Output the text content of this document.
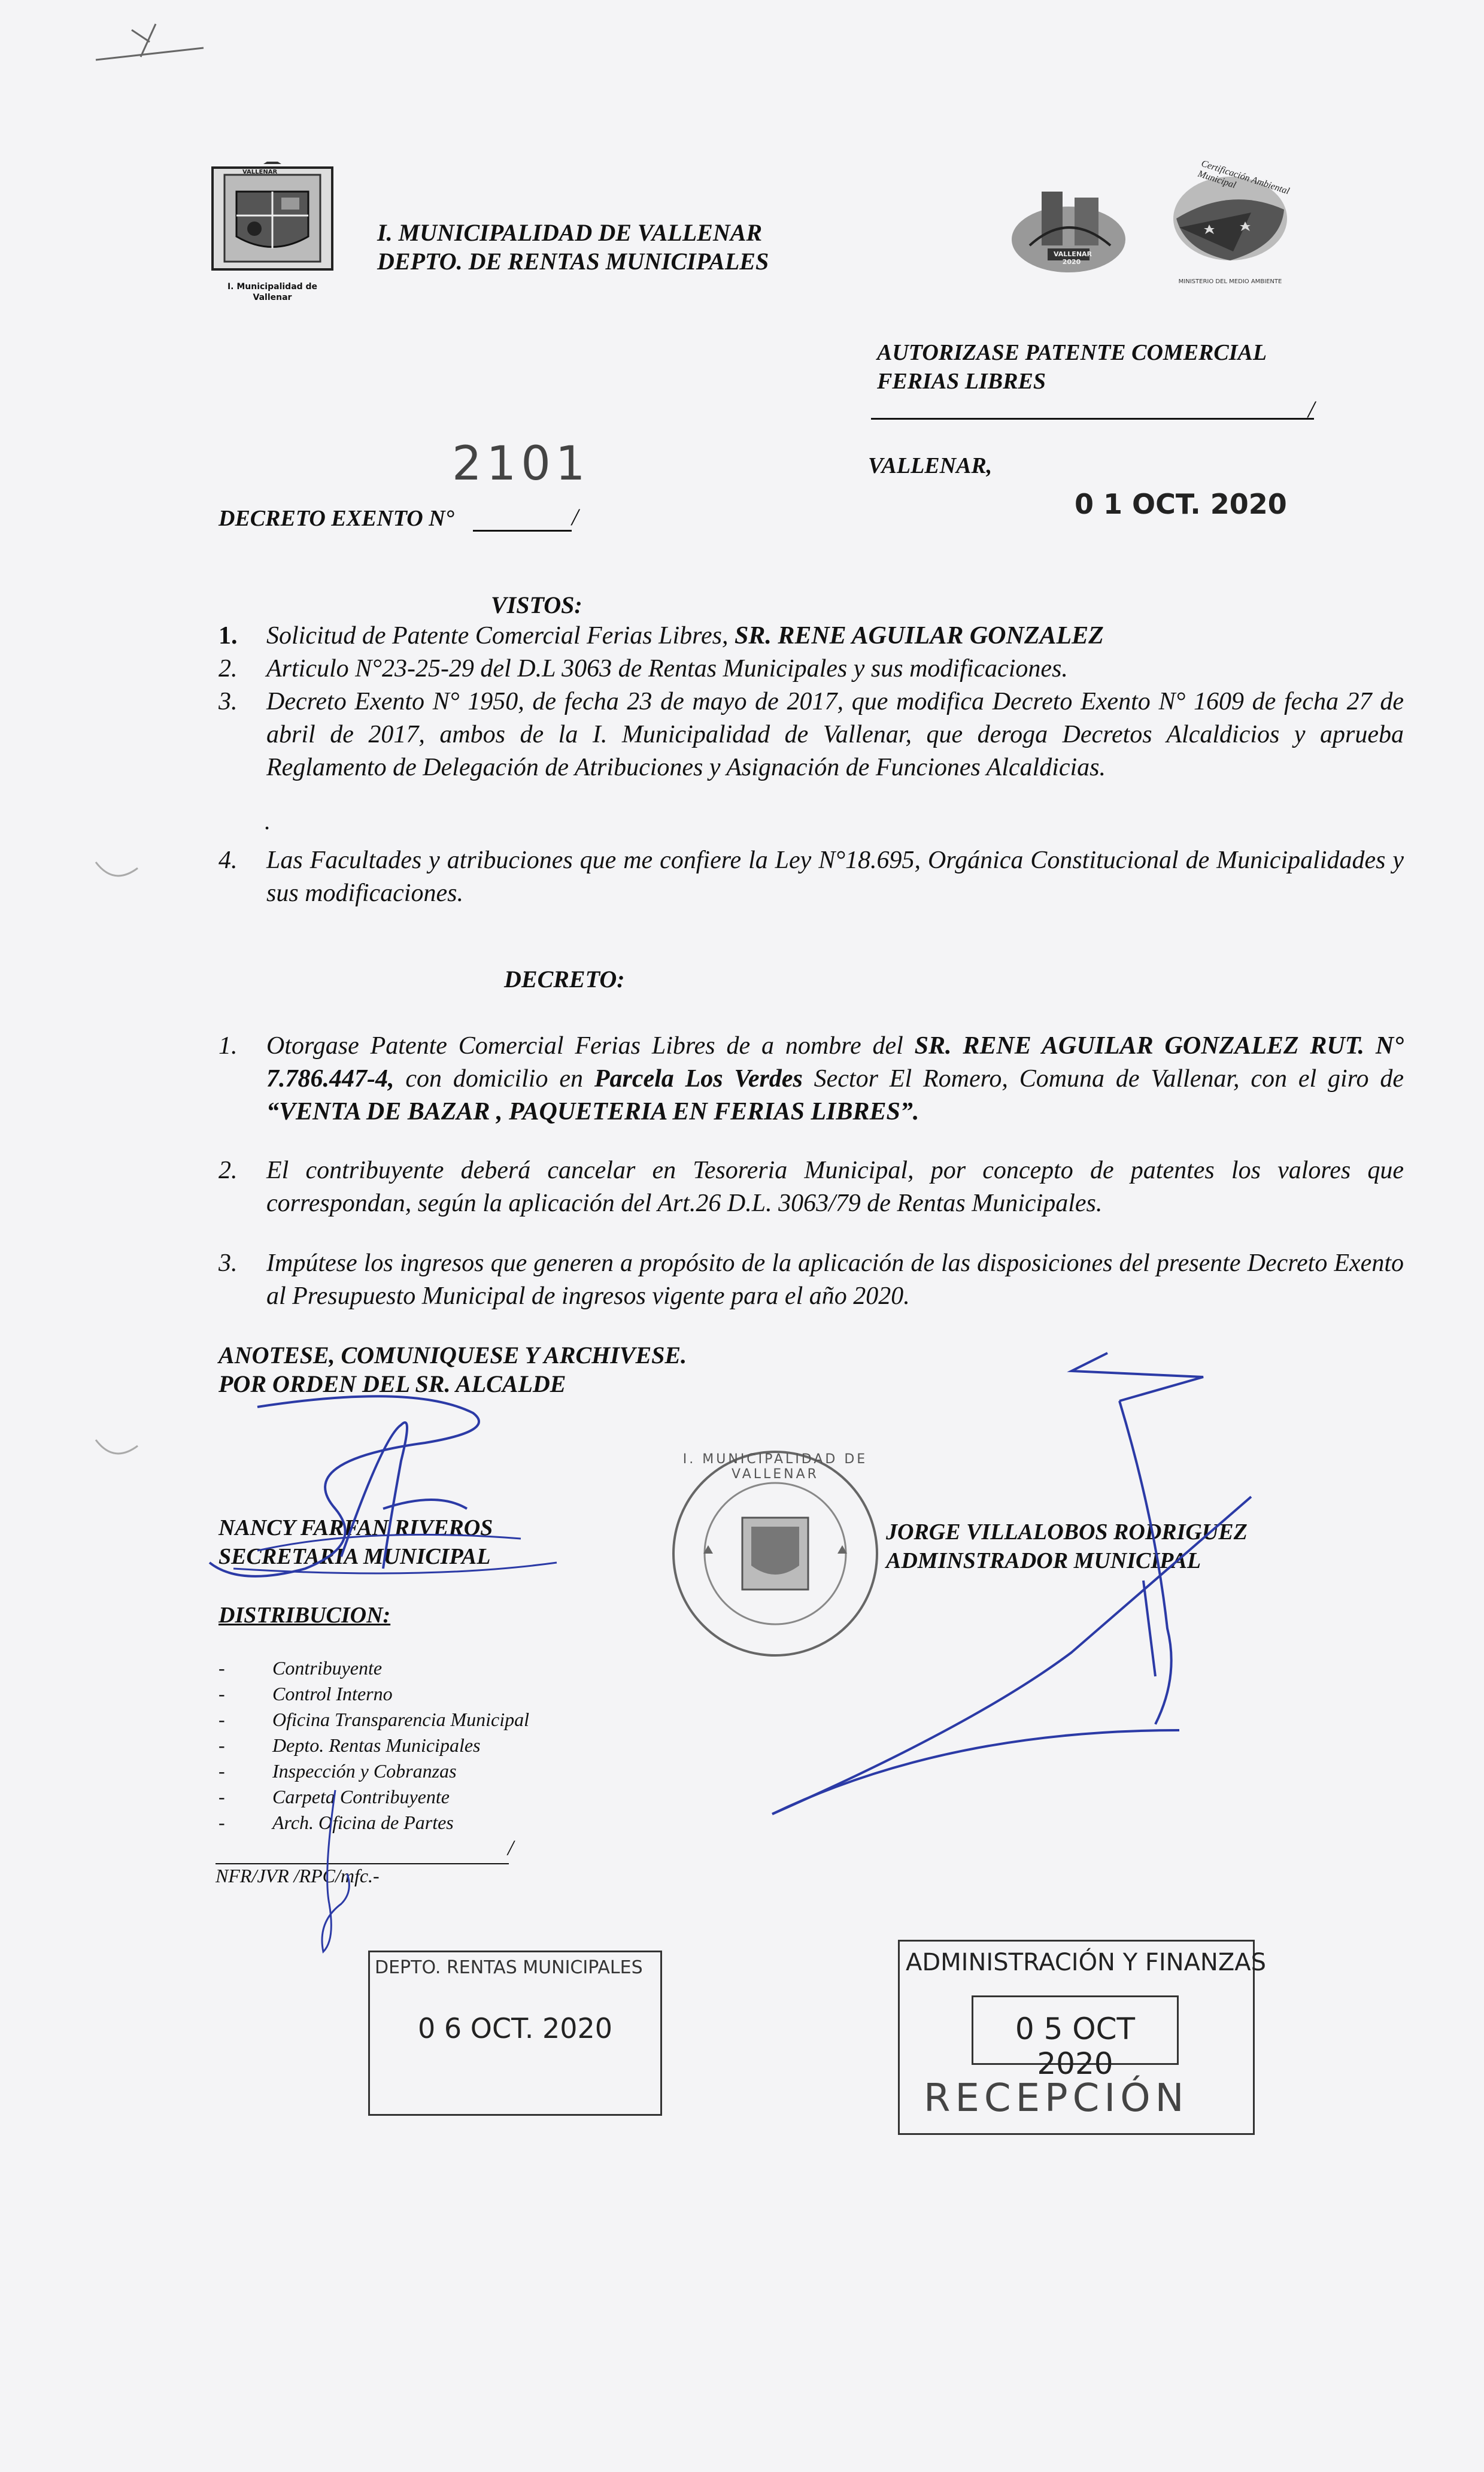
VALLENAR
I. Municipalidad de
Vallenar
I. MUNICIPALIDAD DE VALLENAR
DEPTO. DE RENTAS MUNICIPALES	VALLENAR 2020
Certificación Ambiental Municipal
MINISTERIO DEL MEDIO AMBIENTE
AUTORIZASE PATENTE COMERCIAL
FERIAS LIBRES
/
2101
DECRETO EXENTO N°	/
VALLENAR,
0 1 OCT. 2020
VISTOS:
1. Solicitud de Patente Comercial Ferias Libres, SR. RENE AGUILAR GONZALEZ
2. Articulo N°23-25-29 del D.L 3063 de Rentas Municipales y sus modificaciones.
3. Decreto Exento N° 1950, de fecha 23 de mayo de 2017, que modifica Decreto Exento N° 1609 de fecha 27 de abril de 2017, ambos de la I. Municipalidad de Vallenar, que deroga Decretos Alcaldicios y aprueba Reglamento de Delegación de Atribuciones y Asignación de Funciones Alcaldicias.
.
4. Las Facultades y atribuciones que me confiere la Ley N°18.695, Orgánica Constitucional de Municipalidades y sus modificaciones.
DECRETO:
1. Otorgase Patente Comercial Ferias Libres de a nombre del SR. RENE AGUILAR GONZALEZ RUT. N° 7.786.447-4, con domicilio en Parcela Los Verdes Sector El Romero, Comuna de Vallenar, con el giro de “VENTA DE BAZAR , PAQUETERIA EN FERIAS LIBRES”.
2. El contribuyente deberá cancelar en Tesoreria Municipal, por concepto de patentes los valores que correspondan, según la aplicación del Art.26 D.L. 3063/79 de Rentas Municipales.
3. Impútese los ingresos que generen a propósito de la aplicación de las disposiciones del presente Decreto Exento al Presupuesto Municipal de ingresos vigente para el año 2020.
ANOTESE, COMUNIQUESE Y ARCHIVESE.
POR ORDEN DEL SR. ALCALDE
NANCY FARFAN RIVEROS
SECRETARIA MUNICIPAL
I. MUNICIPALIDAD DE VALLENAR
JORGE VILLALOBOS RODRIGUEZ
ADMINSTRADOR MUNICIPAL
DISTRIBUCION:
- Contribuyente
- Control Interno
- Oficina Transparencia Municipal
- Depto. Rentas Municipales
- Inspección y Cobranzas
- Carpeta Contribuyente
- Arch. Oficina de Partes
/
NFR/JVR /RPC/mfc.-
DEPTO. RENTAS MUNICIPALES
0 6 OCT. 2020
ADMINISTRACIÓN Y FINANZAS
0 5 OCT 2020
RECEPCIÓN
